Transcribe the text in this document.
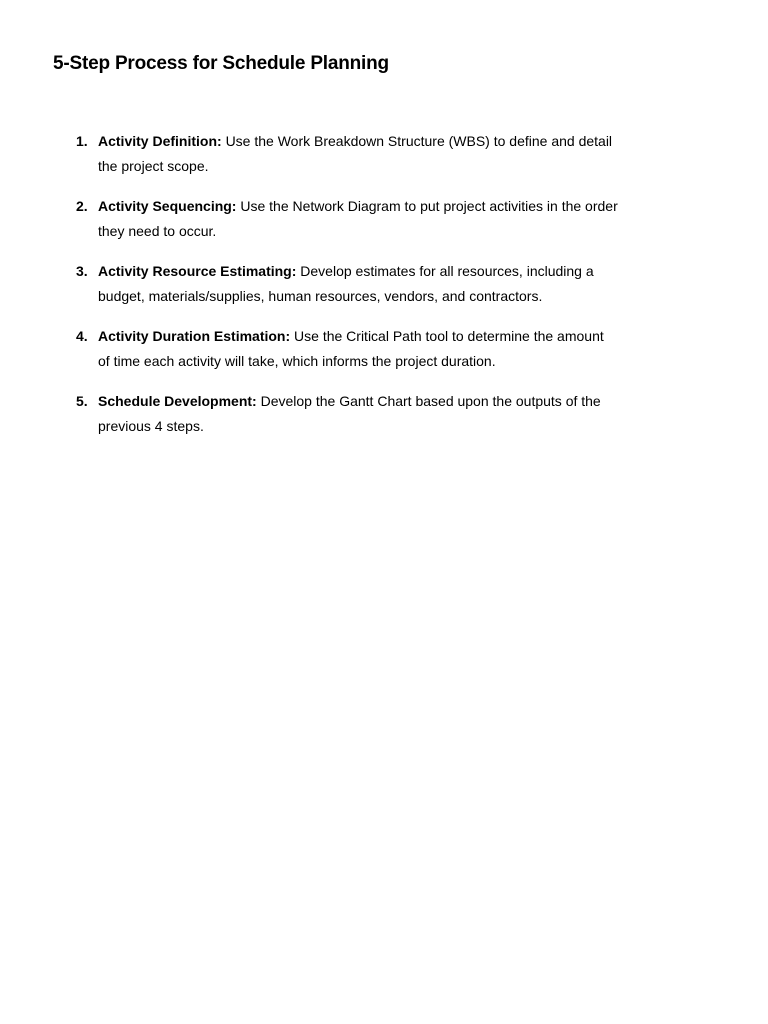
5-Step Process for Schedule Planning
1. Activity Definition: Use the Work Breakdown Structure (WBS) to define and detail the project scope.
2. Activity Sequencing: Use the Network Diagram to put project activities in the order they need to occur.
3. Activity Resource Estimating: Develop estimates for all resources, including a budget, materials/supplies, human resources, vendors, and contractors.
4. Activity Duration Estimation: Use the Critical Path tool to determine the amount of time each activity will take, which informs the project duration.
5. Schedule Development: Develop the Gantt Chart based upon the outputs of the previous 4 steps.
